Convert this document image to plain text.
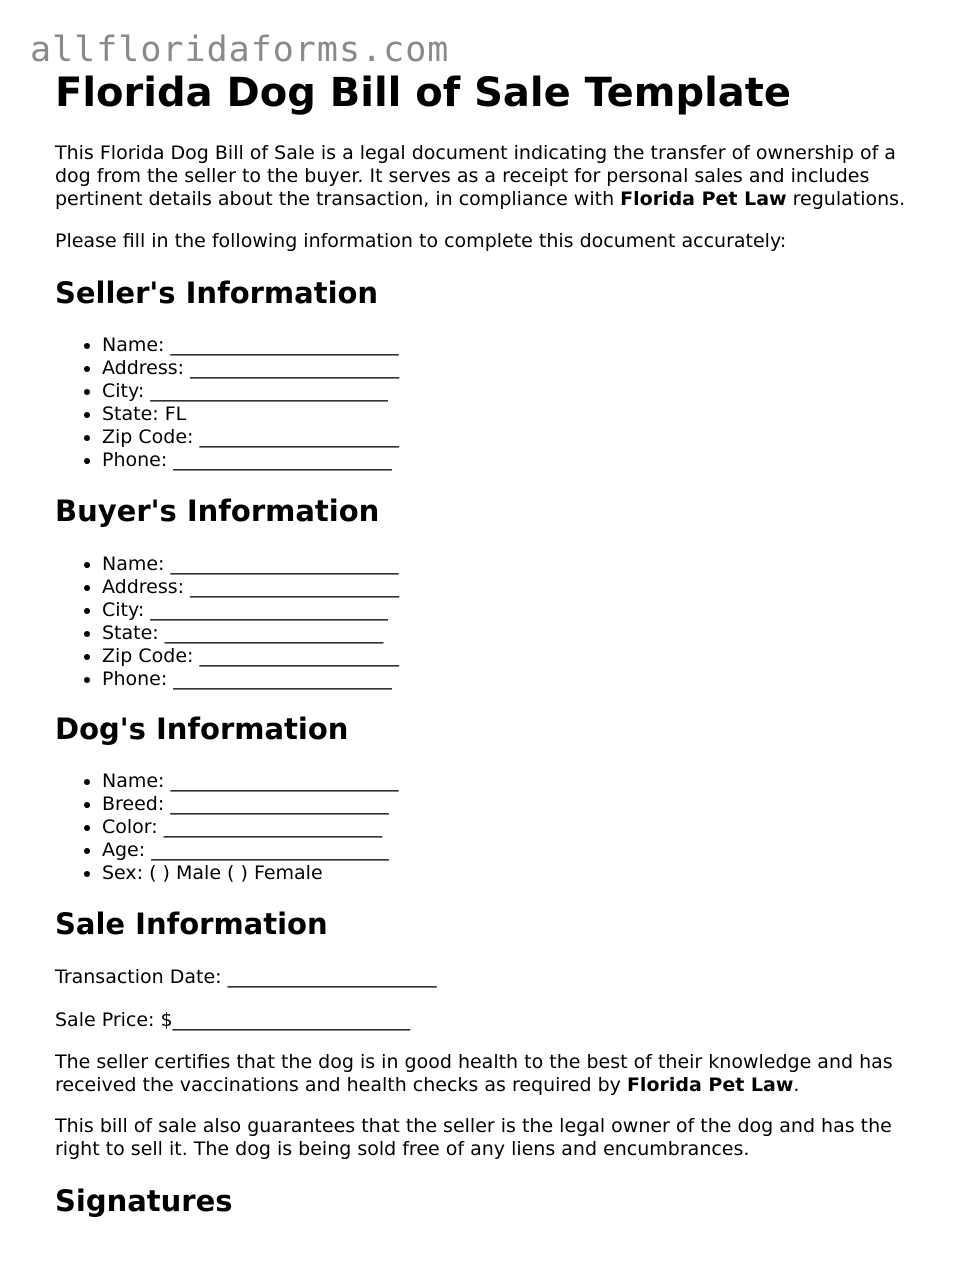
allfloridaforms.com
Florida Dog Bill of Sale Template

This Florida Dog Bill of Sale is a legal document indicating the transfer of ownership of a dog from the seller to the buyer. It serves as a receipt for personal sales and includes pertinent details about the transaction, in compliance with Florida Pet Law regulations.

Please fill in the following information to complete this document accurately:

Seller's Information
• Name: ________________________
• Address: ______________________
• City: _________________________
• State: FL
• Zip Code: _____________________
• Phone: _______________________
Buyer's Information
• Name: ________________________
• Address: ______________________
• City: _________________________
• State: _______________________
• Zip Code: _____________________
• Phone: _______________________
Dog's Information
• Name: ________________________
• Breed: _______________________
• Color: _______________________
• Age: _________________________
• Sex: ( ) Male ( ) Female
Sale Information

Transaction Date: ______________________

Sale Price: $_________________________

The seller certifies that the dog is in good health to the best of their knowledge and has received the vaccinations and health checks as required by Florida Pet Law.

This bill of sale also guarantees that the seller is the legal owner of the dog and has the right to sell it. The dog is being sold free of any liens and encumbrances.

Signatures
